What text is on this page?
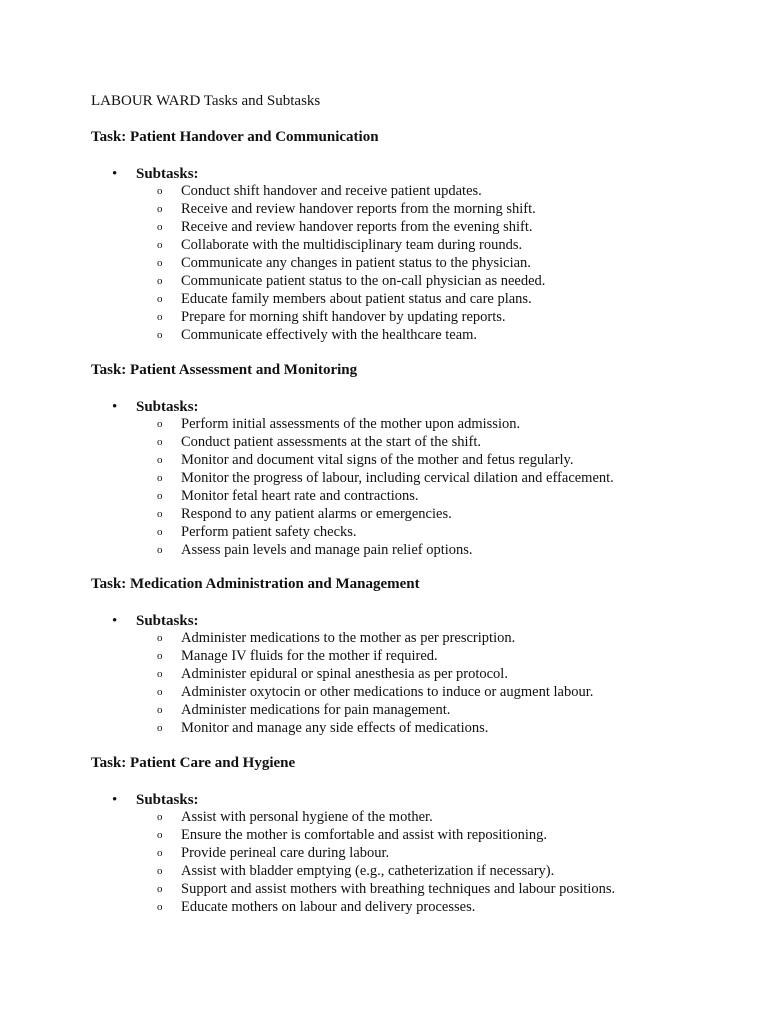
LABOUR WARD Tasks and Subtasks
Task: Patient Handover and Communication
• Subtasks:
o Conduct shift handover and receive patient updates.
o Receive and review handover reports from the morning shift.
o Receive and review handover reports from the evening shift.
o Collaborate with the multidisciplinary team during rounds.
o Communicate any changes in patient status to the physician.
o Communicate patient status to the on-call physician as needed.
o Educate family members about patient status and care plans.
o Prepare for morning shift handover by updating reports.
o Communicate effectively with the healthcare team.
Task: Patient Assessment and Monitoring
• Subtasks:
o Perform initial assessments of the mother upon admission.
o Conduct patient assessments at the start of the shift.
o Monitor and document vital signs of the mother and fetus regularly.
o Monitor the progress of labour, including cervical dilation and effacement.
o Monitor fetal heart rate and contractions.
o Respond to any patient alarms or emergencies.
o Perform patient safety checks.
o Assess pain levels and manage pain relief options.
Task: Medication Administration and Management
• Subtasks:
o Administer medications to the mother as per prescription.
o Manage IV fluids for the mother if required.
o Administer epidural or spinal anesthesia as per protocol.
o Administer oxytocin or other medications to induce or augment labour.
o Administer medications for pain management.
o Monitor and manage any side effects of medications.
Task: Patient Care and Hygiene
• Subtasks:
o Assist with personal hygiene of the mother.
o Ensure the mother is comfortable and assist with repositioning.
o Provide perineal care during labour.
o Assist with bladder emptying (e.g., catheterization if necessary).
o Support and assist mothers with breathing techniques and labour positions.
o Educate mothers on labour and delivery processes.
